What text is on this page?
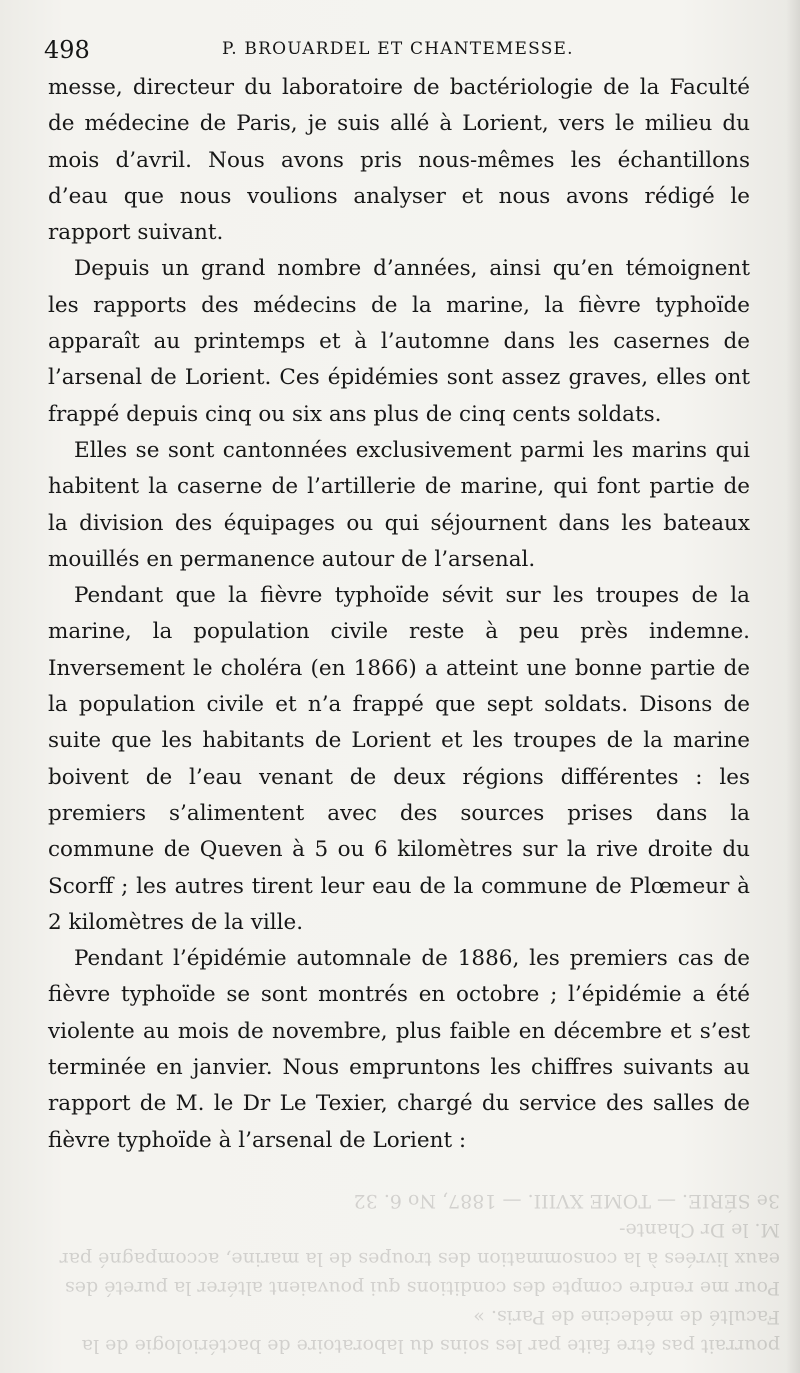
498	P. BROUARDEL ET CHANTEMESSE.

messe, directeur du laboratoire de bactériologie de la Faculté de médecine de Paris, je suis allé à Lorient, vers le milieu du mois d’avril. Nous avons pris nous-mêmes les échantillons d’eau que nous voulions analyser et nous avons rédigé le rapport suivant.

Depuis un grand nombre d’années, ainsi qu’en témoignent les rapports des médecins de la marine, la fièvre typhoïde apparaît au printemps et à l’automne dans les casernes de l’arsenal de Lorient. Ces épidémies sont assez graves, elles ont frappé depuis cinq ou six ans plus de cinq cents soldats.

Elles se sont cantonnées exclusivement parmi les marins qui habitent la caserne de l’artillerie de marine, qui font partie de la division des équipages ou qui séjournent dans les bateaux mouillés en permanence autour de l’arsenal.

Pendant que la fièvre typhoïde sévit sur les troupes de la marine, la population civile reste à peu près indemne. Inversement le choléra (en 1866) a atteint une bonne partie de la population civile et n’a frappé que sept soldats. Disons de suite que les habitants de Lorient et les troupes de la marine boivent de l’eau venant de deux régions différentes : les premiers s’alimentent avec des sources prises dans la commune de Queven à 5 ou 6 kilomètres sur la rive droite du Scorff ; les autres tirent leur eau de la commune de Plœmeur à 2 kilomètres de la ville.

Pendant l’épidémie automnale de 1886, les premiers cas de fièvre typhoïde se sont montrés en octobre ; l’épidémie a été violente au mois de novembre, plus faible en décembre et s’est terminée en janvier. Nous empruntons les chiffres suivants au rapport de M. le Dr Le Texier, chargé du service des salles de fièvre typhoïde à l’arsenal de Lorient :

pourrait pas être faite par les soins du laboratoire de bactériologie de la Faculté de médecine de Paris. »

Pour me rendre compte des conditions qui pouvaient altérer la pureté des eaux livrées à la consommation des troupes de la marine, accompagné par M. le Dr Chante-

3e SÉRIE. — TOME XVIII. — 1887, No 6. 32
